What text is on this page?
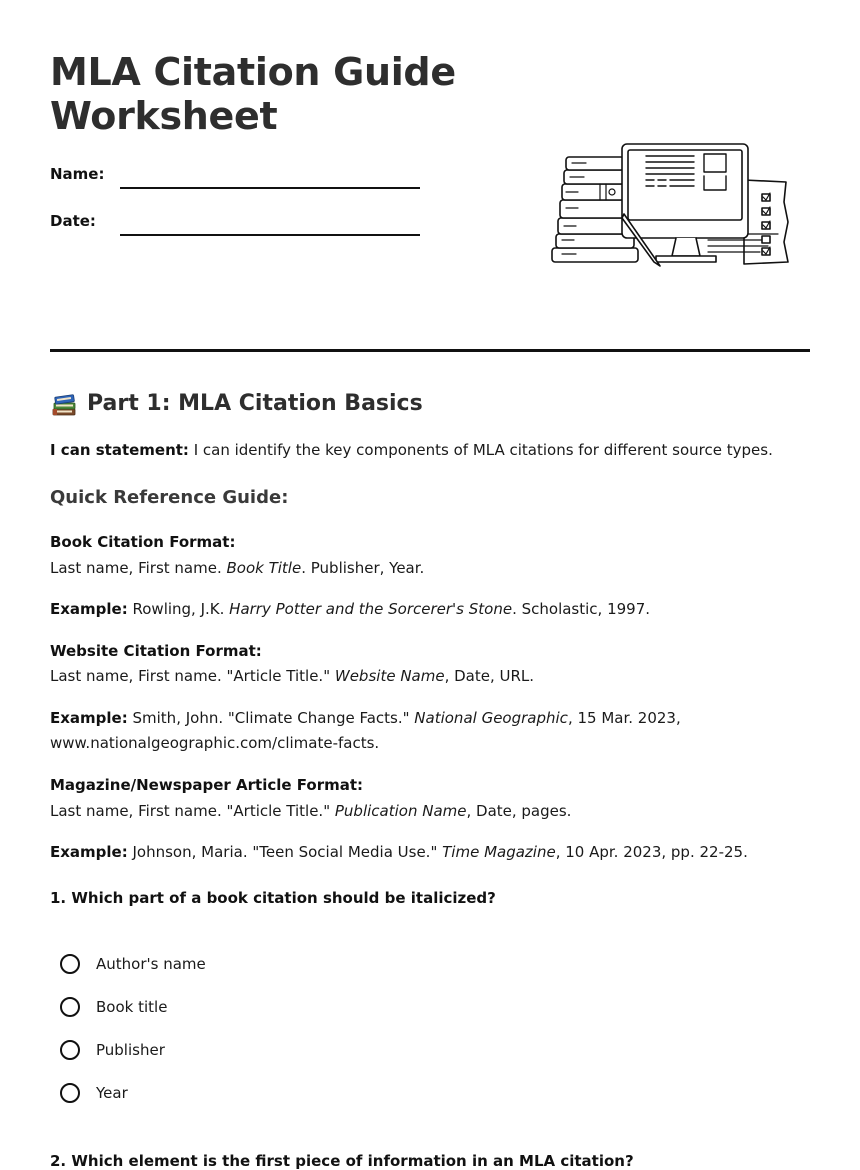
MLA Citation Guide
Worksheet
Name:
Date:
Part 1: MLA Citation Basics

I can statement: I can identify the key components of MLA citations for different source types.

Quick Reference Guide:

Book Citation Format:

Last name, First name. Book Title. Publisher, Year.

Example: Rowling, J.K. Harry Potter and the Sorcerer's Stone. Scholastic, 1997.

Website Citation Format:

Last name, First name. "Article Title." Website Name, Date, URL.

Example: Smith, John. "Climate Change Facts." National Geographic, 15 Mar. 2023,
www.nationalgeographic.com/climate-facts.

Magazine/Newspaper Article Format:

Last name, First name. "Article Title." Publication Name, Date, pages.

Example: Johnson, Maria. "Teen Social Media Use." Time Magazine, 10 Apr. 2023, pp. 22-25.

1. Which part of a book citation should be italicized?

Author's name
Book title
Publisher
Year
2. Which element is the first piece of information in an MLA citation?
